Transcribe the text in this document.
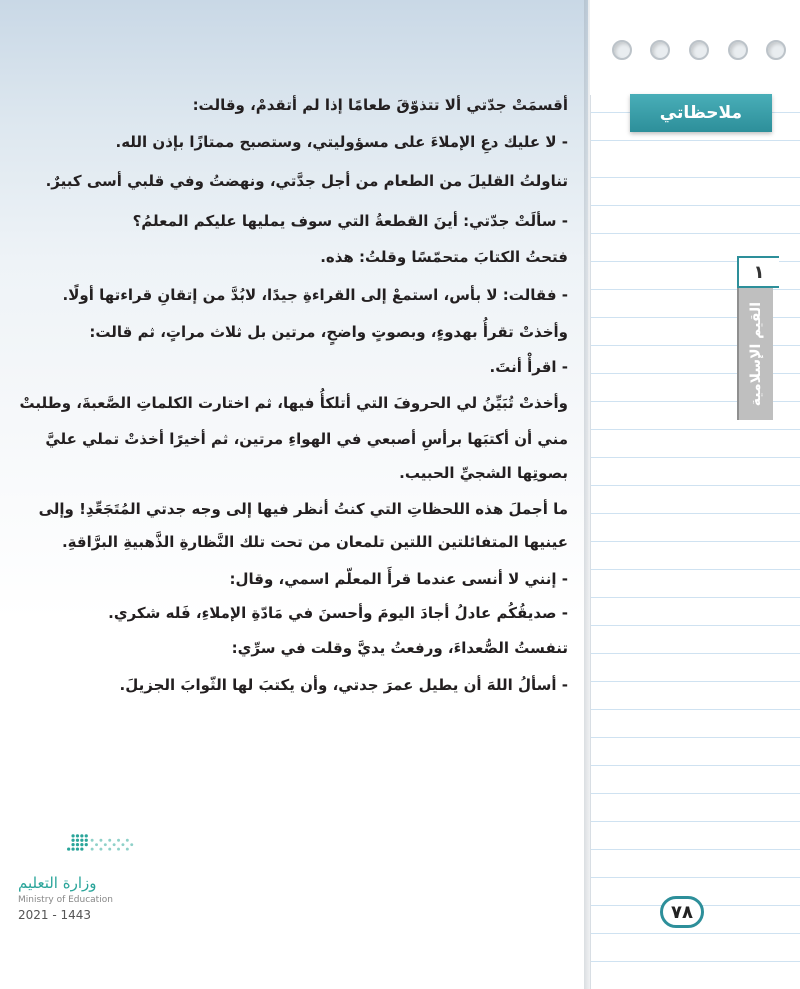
ملاحظاتي
١
القيم الإسلامية
أقسمَتْ جدّتي ألا تتذوّقَ طعامًا إذا لم أتقدمْ، وقالت:
- لا عليك دعِ الإملاءَ على مسؤوليتي، وستصبح ممتازًا بإذن الله.
تناولتُ القليلَ من الطعام من أجل جدَّتي، ونهضتُ وفي قلبي أسى كبيرٌ.
- سألَتْ جدّتي: أينَ القطعةُ التي سوف يمليها عليكم المعلمُ؟
فتحتُ الكتابَ متحمّسًا وقلتُ: هذه.
- فقالت: لا بأس، استمعْ إلى القراءةِ جيدًا، لابُدَّ من إتقانِ قراءتها أولًا.
وأخذتْ تقرأُ بهدوءٍ، وبصوتٍ واضحٍ، مرتين بل ثلاث مراتٍ، ثم قالت:
- اقرأْ أنتَ.
وأخذتْ تُبَيِّنُ لي الحروفَ التي أتلكأُ فيها، ثم اختارت الكلماتِ الصَّعبةَ، وطلبتْ
مني أن أكتبَها برأسِ أصبعي في الهواءِ مرتين، ثم أخيرًا أخذتْ تملي عليَّ
بصوتِها الشجيِّ الحبيب.
ما أجملَ هذه اللحظاتِ التي كنتُ أنظر فيها إلى وجه جدتي المُتَجَعِّدِ! وإلى
عينيها المتفائلتين اللتين تلمعان من تحت تلك النَّظارةِ الذَّهبيةِ البرَّاقةِ.
- إنني لا أنسى عندما قرأَ المعلّم اسمي، وقال:
- صديقُكُم عادلُ أجادَ اليومَ وأحسنَ في مَادّةِ الإملاءِ، فَله شكري.
تنفستُ الصُّعداءَ، ورفعتُ يديَّ وقلت في سرِّي:
- أسألُ اللهَ أن يطيل عمرَ جدتي، وأن يكتبَ لها الثّوابَ الجزيلَ.
٧٨
وزارة التعليم
Ministry of Education
2021 - 1443
